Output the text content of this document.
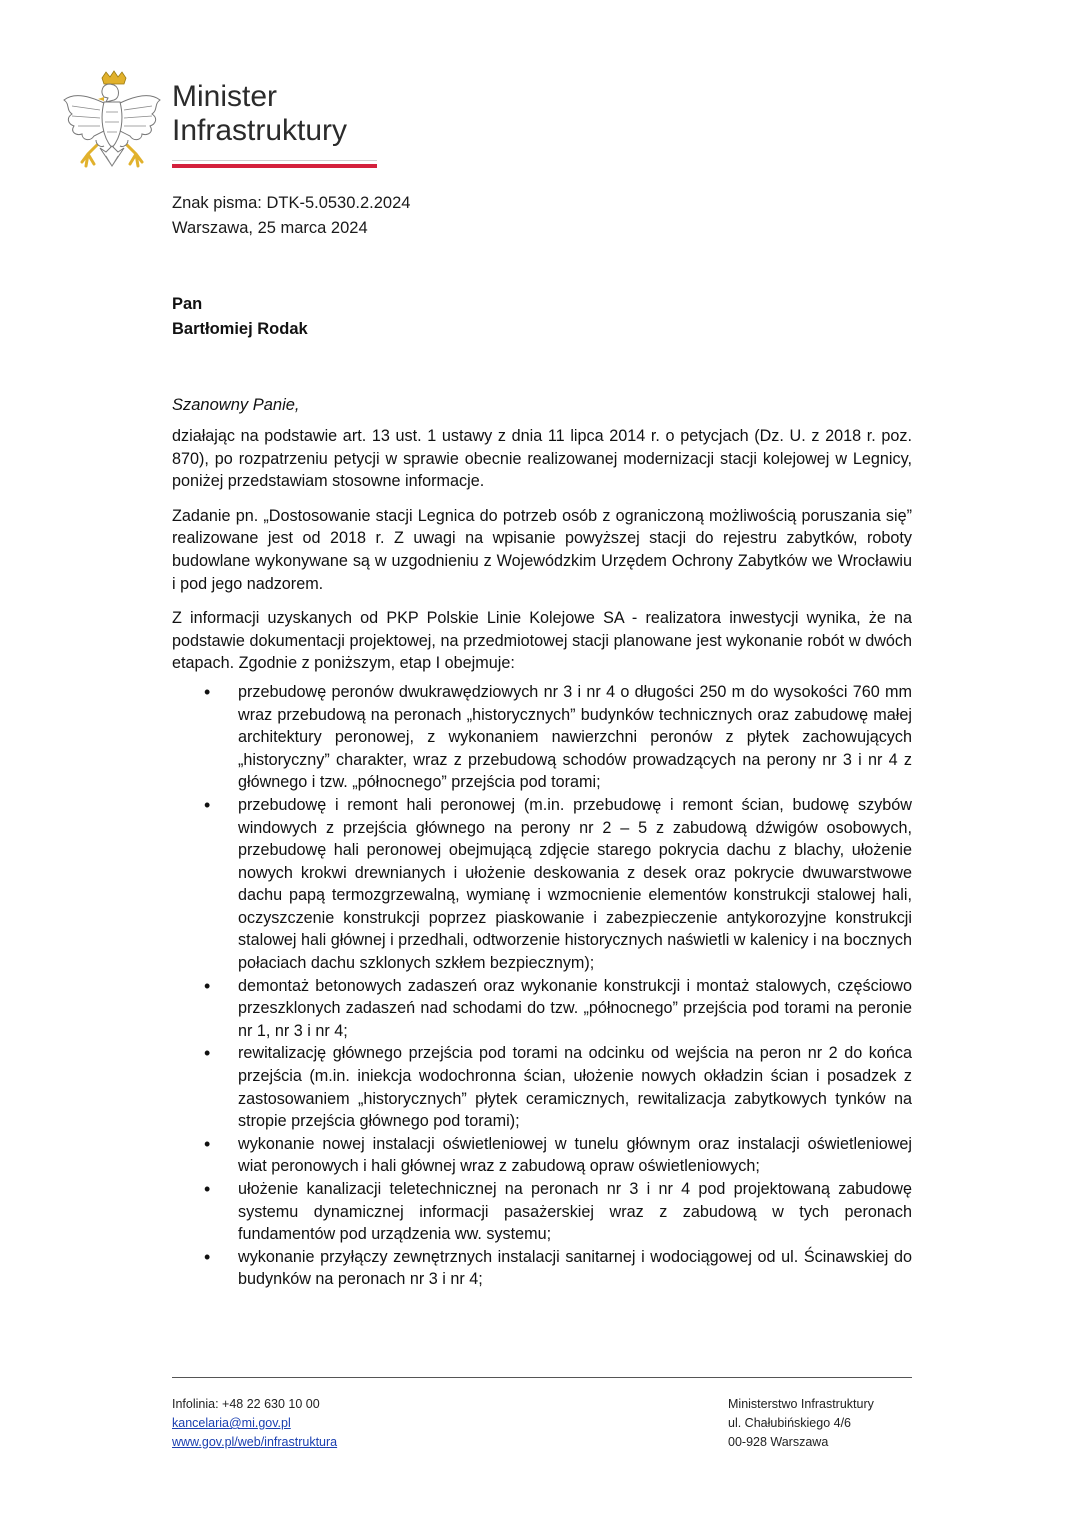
Minister
Infrastruktury
Znak pisma: DTK-5.0530.2.2024
Warszawa, 25 marca 2024
Pan
Bartłomiej Rodak
Szanowny Panie,

działając na podstawie art. 13 ust. 1 ustawy z dnia 11 lipca 2014 r. o petycjach (Dz. U. z 2018 r. poz. 870), po rozpatrzeniu petycji w sprawie obecnie realizowanej modernizacji stacji kolejowej w Legnicy, poniżej przedstawiam stosowne informacje.

Zadanie pn. „Dostosowanie stacji Legnica do potrzeb osób z ograniczoną możliwością poruszania się” realizowane jest od 2018 r. Z uwagi na wpisanie powyższej stacji do rejestru zabytków, roboty budowlane wykonywane są w uzgodnieniu z Wojewódzkim Urzędem Ochrony Zabytków we Wrocławiu i pod jego nadzorem.

Z informacji uzyskanych od PKP Polskie Linie Kolejowe SA - realizatora inwestycji wynika, że na podstawie dokumentacji projektowej, na przedmiotowej stacji planowane jest wykonanie robót w dwóch etapach. Zgodnie z poniższym, etap I obejmuje:

• przebudowę peronów dwukrawędziowych nr 3 i nr 4 o długości 250 m do wysokości 760 mm wraz przebudową na peronach „historycznych” budynków technicznych oraz zabudowę małej architektury peronowej, z wykonaniem nawierzchni peronów z płytek zachowujących „historyczny” charakter, wraz z przebudową schodów prowadzących na perony nr 3 i nr 4 z głównego i tzw. „północnego” przejścia pod torami;
• przebudowę i remont hali peronowej (m.in. przebudowę i remont ścian, budowę szybów windowych z przejścia głównego na perony nr 2 – 5 z zabudową dźwigów osobowych, przebudowę hali peronowej obejmującą zdjęcie starego pokrycia dachu z blachy, ułożenie nowych krokwi drewnianych i ułożenie deskowania z desek oraz pokrycie dwuwarstwowe dachu papą termozgrzewalną, wymianę i wzmocnienie elementów konstrukcji stalowej hali, oczyszczenie konstrukcji poprzez piaskowanie i zabezpieczenie antykorozyjne konstrukcji stalowej hali głównej i przedhali, odtworzenie historycznych naświetli w kalenicy i na bocznych połaciach dachu szklonych szkłem bezpiecznym);
• demontaż betonowych zadaszeń oraz wykonanie konstrukcji i montaż stalowych, częściowo przeszklonych zadaszeń nad schodami do tzw. „północnego” przejścia pod torami na peronie nr 1, nr 3 i nr 4;
• rewitalizację głównego przejścia pod torami na odcinku od wejścia na peron nr 2 do końca przejścia (m.in. iniekcja wodochronna ścian, ułożenie nowych okładzin ścian i posadzek z zastosowaniem „historycznych” płytek ceramicznych, rewitalizacja zabytkowych tynków na stropie przejścia głównego pod torami);
• wykonanie nowej instalacji oświetleniowej w tunelu głównym oraz instalacji oświetleniowej wiat peronowych i hali głównej wraz z zabudową opraw oświetleniowych;
• ułożenie kanalizacji teletechnicznej na peronach nr 3 i nr 4 pod projektowaną zabudowę systemu dynamicznej informacji pasażerskiej wraz z zabudową w tych peronach fundamentów pod urządzenia ww. systemu;
• wykonanie przyłączy zewnętrznych instalacji sanitarnej i wodociągowej od ul. Ścinawskiej do budynków na peronach nr 3 i nr 4;
Infolinia: +48 22 630 10 00
kancelaria@mi.gov.pl
www.gov.pl/web/infrastruktura
Ministerstwo Infrastruktury
ul. Chałubińskiego 4/6
00-928 Warszawa
